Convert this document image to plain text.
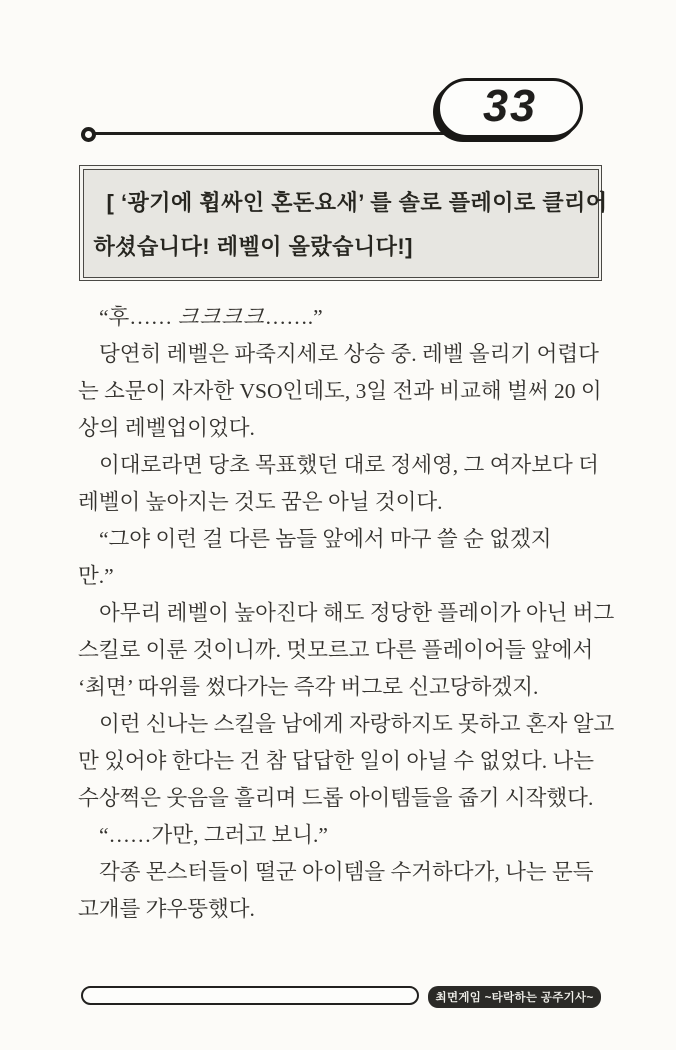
33
[ ‘광기에 휩싸인 혼돈요새’ 를 솔로 플레이로 클리어
하셨습니다! 레벨이 올랐습니다!]
“후…… 크크크크…….”
당연히 레벨은 파죽지세로 상승 중. 레벨 올리기 어렵다
는 소문이 자자한 VSO인데도, 3일 전과 비교해 벌써 20 이
상의 레벨업이었다.
이대로라면 당초 목표했던 대로 정세영, 그 여자보다 더
레벨이 높아지는 것도 꿈은 아닐 것이다.
“그야 이런 걸 다른 놈들 앞에서 마구 쓸 순 없겠지
만.”
아무리 레벨이 높아진다 해도 정당한 플레이가 아닌 버그
스킬로 이룬 것이니까. 멋모르고 다른 플레이어들 앞에서
‘최면’ 따위를 썼다가는 즉각 버그로 신고당하겠지.
이런 신나는 스킬을 남에게 자랑하지도 못하고 혼자 알고
만 있어야 한다는 건 참 답답한 일이 아닐 수 없었다. 나는
수상쩍은 웃음을 흘리며 드롭 아이템들을 줍기 시작했다.
“……가만, 그러고 보니.”
각종 몬스터들이 떨군 아이템을 수거하다가, 나는 문득
고개를 갸우뚱했다.
최면게임 ~타락하는 공주기사~
